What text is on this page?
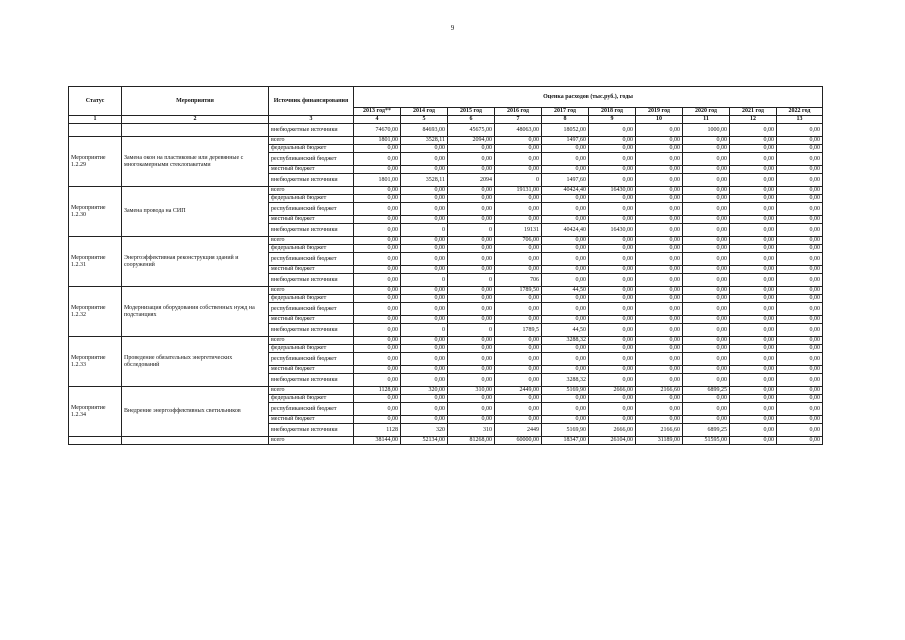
9
Статус	Мероприятия	Источник финансирования	Оценка расходов (тыс.руб.), годы									
			2013 год**	2014 год	2015 год	2016 год	2017 год	2018 год	2019 год	2020 год	2021 год	2022 год
1	2	3	4	5	6	7	8	9	10	11	12	13
		внебюджетные источники	74670,00	84693,00	45675,00	48063,00	18052,00	0,00	0,00	1000,00	0,00	0,00
Мероприятие 1.2.29	Замена окон на пластиковые или деревянные с многокамерными стеклопакетами	всего	1801,00	3528,11	2094,00	0,00	1497,60	0,00	0,00	0,00	0,00	0,00
		федеральный бюджет	0,00	0,00	0,00	0,00	0,00	0,00	0,00	0,00	0,00	0,00
		республиканский бюджет	0,00	0,00	0,00	0,00	0,00	0,00	0,00	0,00	0,00	0,00
		местный бюджет	0,00	0,00	0,00	0,00	0,00	0,00	0,00	0,00	0,00	0,00
		внебюджетные источники	1801,00	3528,11	2094	0	1497,60	0,00	0,00	0,00	0,00	0,00
Мероприятие 1.2.30	Замена провода на СИП	всего	0,00	0,00	0,00	19131,00	40424,40	16430,00	0,00	0,00	0,00	0,00
		федеральный бюджет	0,00	0,00	0,00	0,00	0,00	0,00	0,00	0,00	0,00	0,00
		республиканский бюджет	0,00	0,00	0,00	0,00	0,00	0,00	0,00	0,00	0,00	0,00
		местный бюджет	0,00	0,00	0,00	0,00	0,00	0,00	0,00	0,00	0,00	0,00
		внебюджетные источники	0,00	0	0	19131	40424,40	16430,00	0,00	0,00	0,00	0,00
Мероприятие 1.2.31	Энергоэффективная реконструкция зданий и сооружений	всего	0,00	0,00	0,00	706,00	0,00	0,00	0,00	0,00	0,00	0,00
		федеральный бюджет	0,00	0,00	0,00	0,00	0,00	0,00	0,00	0,00	0,00	0,00
		республиканский бюджет	0,00	0,00	0,00	0,00	0,00	0,00	0,00	0,00	0,00	0,00
		местный бюджет	0,00	0,00	0,00	0,00	0,00	0,00	0,00	0,00	0,00	0,00
		внебюджетные источники	0,00	0	0	706	0,00	0,00	0,00	0,00	0,00	0,00
Мероприятие 1.2.32	Модернизация оборудования собственных нужд на подстанциях	всего	0,00	0,00	0,00	1789,50	44,50	0,00	0,00	0,00	0,00	0,00
		федеральный бюджет	0,00	0,00	0,00	0,00	0,00	0,00	0,00	0,00	0,00	0,00
		республиканский бюджет	0,00	0,00	0,00	0,00	0,00	0,00	0,00	0,00	0,00	0,00
		местный бюджет	0,00	0,00	0,00	0,00	0,00	0,00	0,00	0,00	0,00	0,00
		внебюджетные источники	0,00	0	0	1789,5	44,50	0,00	0,00	0,00	0,00	0,00
Мероприятие 1.2.33	Проведение обязательных энергетических обследований	всего	0,00	0,00	0,00	0,00	3288,32	0,00	0,00	0,00	0,00	0,00
		федеральный бюджет	0,00	0,00	0,00	0,00	0,00	0,00	0,00	0,00	0,00	0,00
		республиканский бюджет	0,00	0,00	0,00	0,00	0,00	0,00	0,00	0,00	0,00	0,00
		местный бюджет	0,00	0,00	0,00	0,00	0,00	0,00	0,00	0,00	0,00	0,00
		внебюджетные источники	0,00	0,00	0,00	0,00	3288,32	0,00	0,00	0,00	0,00	0,00
Мероприятие 1.2.34	Внедрение энергоэффективных светильников	всего	1128,00	320,00	310,00	2449,00	5169,90	2666,00	2166,60	6899,25	0,00	0,00
		федеральный бюджет	0,00	0,00	0,00	0,00	0,00	0,00	0,00	0,00	0,00	0,00
		республиканский бюджет	0,00	0,00	0,00	0,00	0,00	0,00	0,00	0,00	0,00	0,00
		местный бюджет	0,00	0,00	0,00	0,00	0,00	0,00	0,00	0,00	0,00	0,00
		внебюджетные источники	1128	320	310	2449	5169,90	2666,00	2166,60	6899,25	0,00	0,00
		всего	38144,00	52134,00	81268,00	60000,00	18347,00	26104,00	31189,00	51595,00	0,00	0,00
